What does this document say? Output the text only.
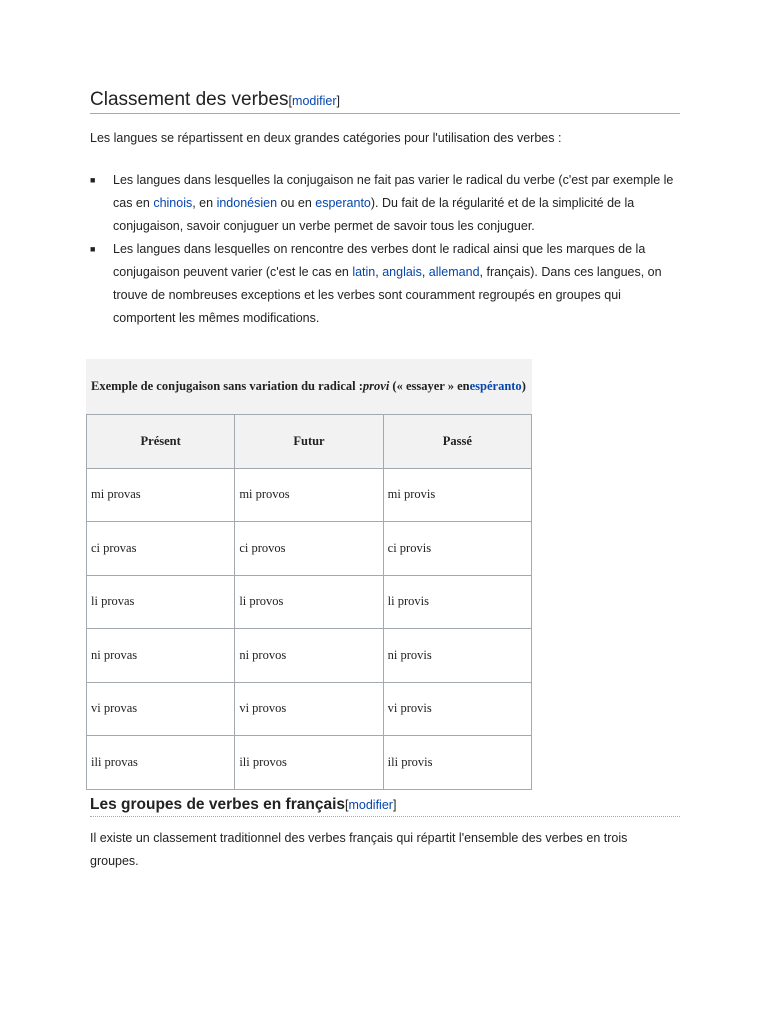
Classement des verbes[modifier]

Les langues se répartissent en deux grandes catégories pour l'utilisation des verbes :

■ Les langues dans lesquelles la conjugaison ne fait pas varier le radical du verbe (c'est par exemple le cas en chinois, en indonésien ou en esperanto). Du fait de la régularité et de la simplicité de la conjugaison, savoir conjuguer un verbe permet de savoir tous les conjuguer.
■ Les langues dans lesquelles on rencontre des verbes dont le radical ainsi que les marques de la conjugaison peuvent varier (c'est le cas en latin, anglais, allemand, français). Dans ces langues, on trouve de nombreuses exceptions et les verbes sont couramment regroupés en groupes qui comportent les mêmes modifications.
Exemple de conjugaison sans variation du radical :provi (« essayer » enespéranto)
Présent	Futur	Passé
mi provas	mi provos	mi provis
ci provas	ci provos	ci provis
li provas	li provos	li provis
ni provas	ni provos	ni provis
vi provas	vi provos	vi provis
ili provas	ili provos	ili provis
Les groupes de verbes en français[modifier]

Il existe un classement traditionnel des verbes français qui répartit l'ensemble des verbes en trois groupes.
